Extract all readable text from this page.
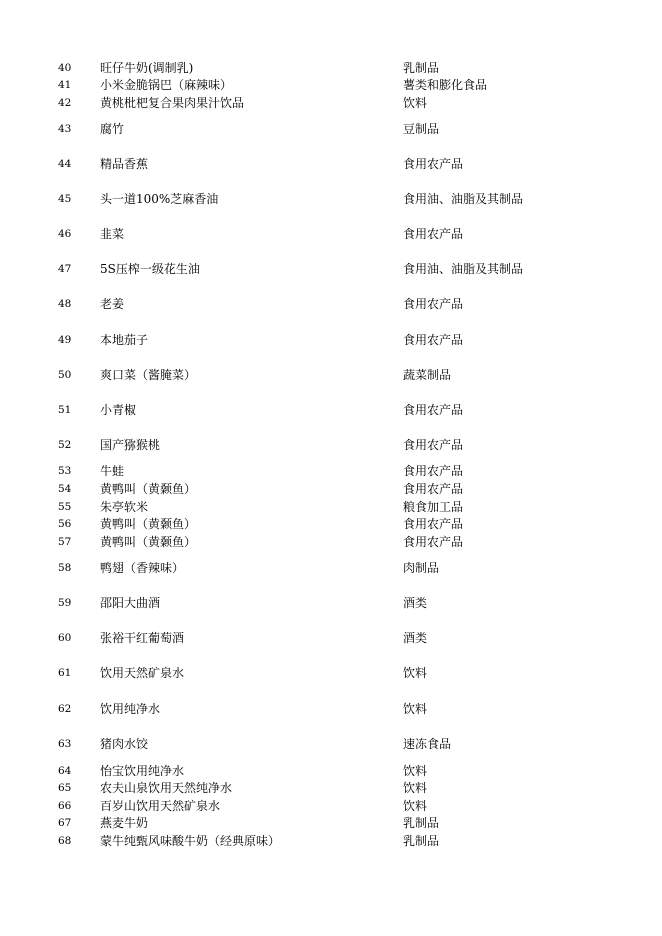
40	旺仔牛奶(调制乳)	乳制品
41	小米金脆锅巴（麻辣味）	薯类和膨化食品
42	黄桃枇杷复合果肉果汁饮品	饮料
43	腐竹	豆制品
44	精品香蕉	食用农产品
45	头一道100%芝麻香油	食用油、油脂及其制品
46	韭菜	食用农产品
47	5S压榨一级花生油	食用油、油脂及其制品
48	老姜	食用农产品
49	本地茄子	食用农产品
50	爽口菜（酱腌菜）	蔬菜制品
51	小青椒	食用农产品
52	国产猕猴桃	食用农产品
53	牛蛙	食用农产品
54	黄鸭叫（黄颡鱼）	食用农产品
55	朱亭软米	粮食加工品
56	黄鸭叫（黄颡鱼）	食用农产品
57	黄鸭叫（黄颡鱼）	食用农产品
58	鸭翅（香辣味）	肉制品
59	邵阳大曲酒	酒类
60	张裕干红葡萄酒	酒类
61	饮用天然矿泉水	饮料
62	饮用纯净水	饮料
63	猪肉水饺	速冻食品
64	怡宝饮用纯净水	饮料
65	农夫山泉饮用天然纯净水	饮料
66	百岁山饮用天然矿泉水	饮料
67	燕麦牛奶	乳制品
68	蒙牛纯甄风味酸牛奶（经典原味）	乳制品
